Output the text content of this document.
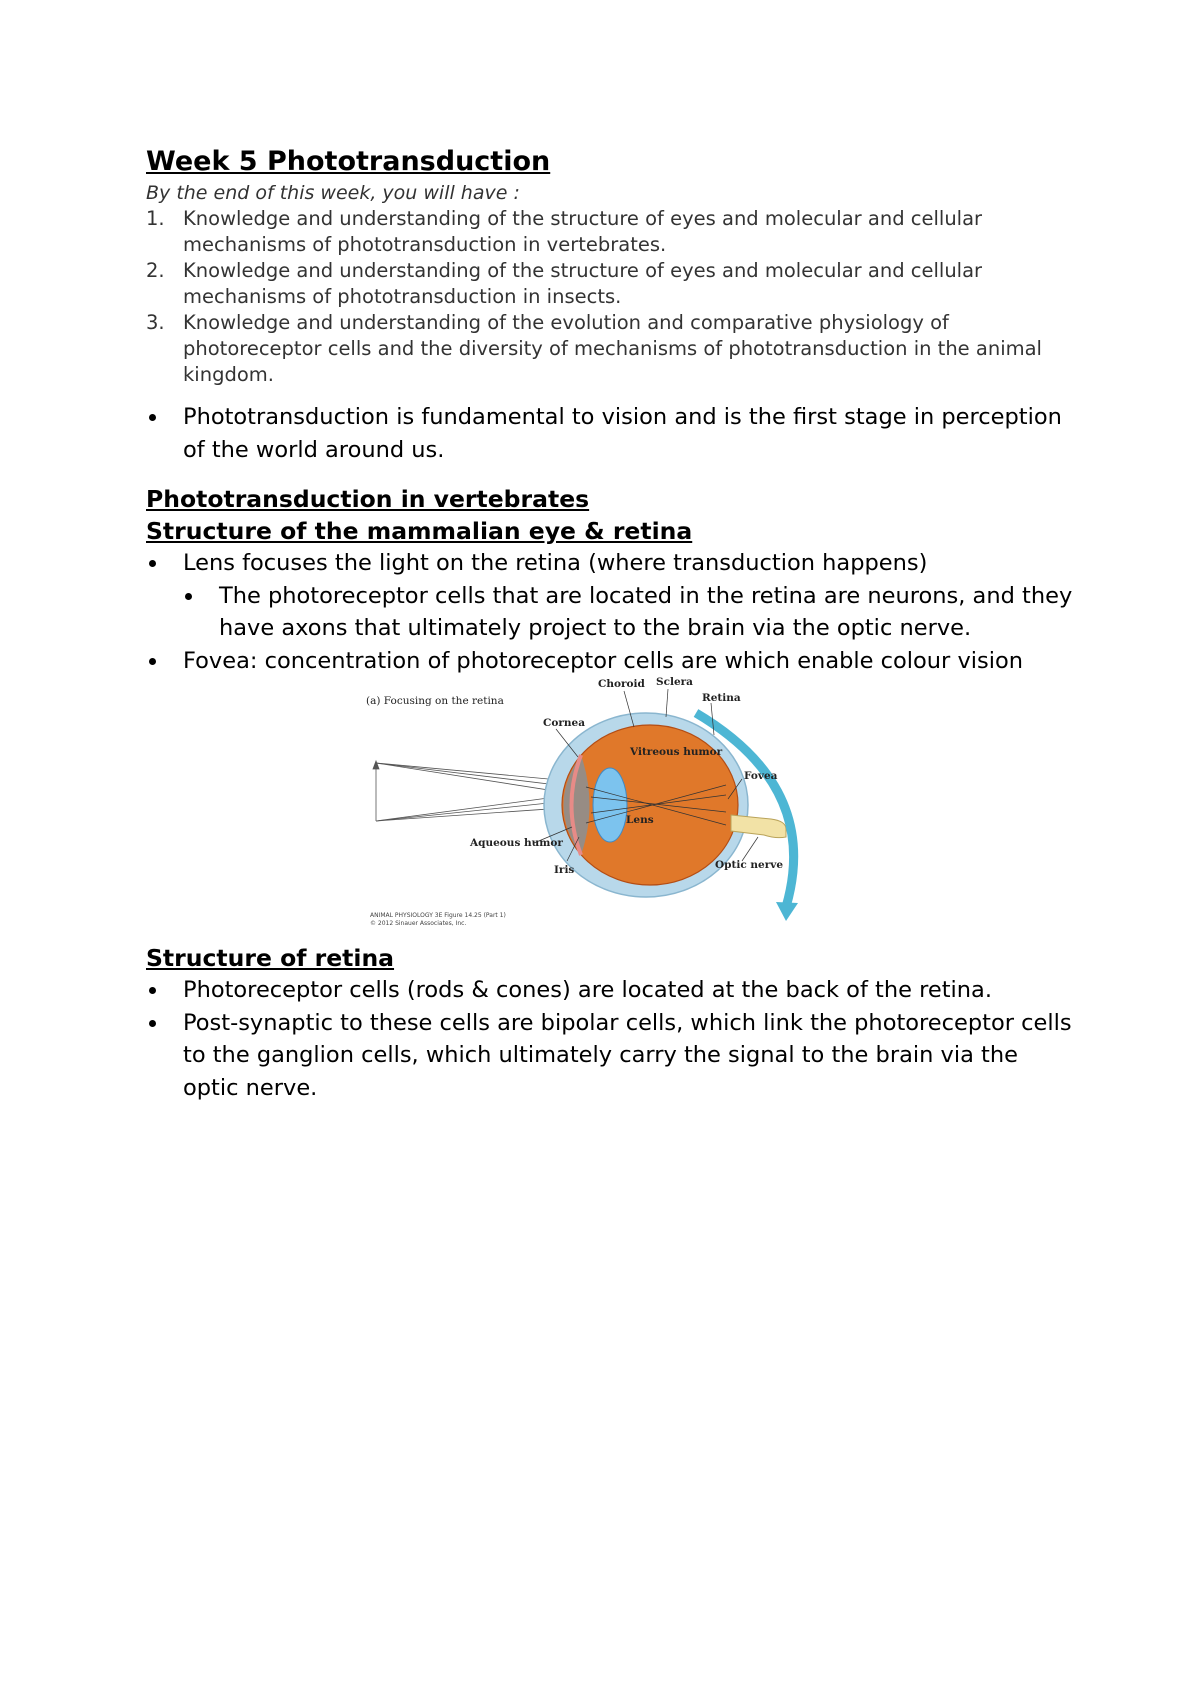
Week 5 Phototransduction

By the end of this week, you will have :

1. Knowledge and understanding of the structure of eyes and molecular and cellular mechanisms of phototransduction in vertebrates.
2. Knowledge and understanding of the structure of eyes and molecular and cellular mechanisms of phototransduction in insects.
3. Knowledge and understanding of the evolution and comparative physiology of photoreceptor cells and the diversity of mechanisms of phototransduction in the animal kingdom.
Phototransduction is fundamental to vision and is the first stage in perception of the world around us.
Phototransduction in vertebrates
Structure of the mammalian eye & retina
Lens focuses the light on the retina (where transduction happens)
The photoreceptor cells that are located in the retina are neurons, and they have axons that ultimately project to the brain via the optic nerve.
Fovea: concentration of photoreceptor cells are which enable colour vision
(a) Focusing on the retina
Choroid Sclera
Retina
Cornea
Vitreous humor
Fovea
Lens
Aqueous humor
Iris	Optic nerve
ANIMAL PHYSIOLOGY 3E Figure 14.25 (Part 1)
© 2012 Sinauer Associates, Inc.
Structure of retina
Photoreceptor cells (rods & cones) are located at the back of the retina.
Post-synaptic to these cells are bipolar cells, which link the photoreceptor cells to the ganglion cells, which ultimately carry the signal to the brain via the optic nerve.
